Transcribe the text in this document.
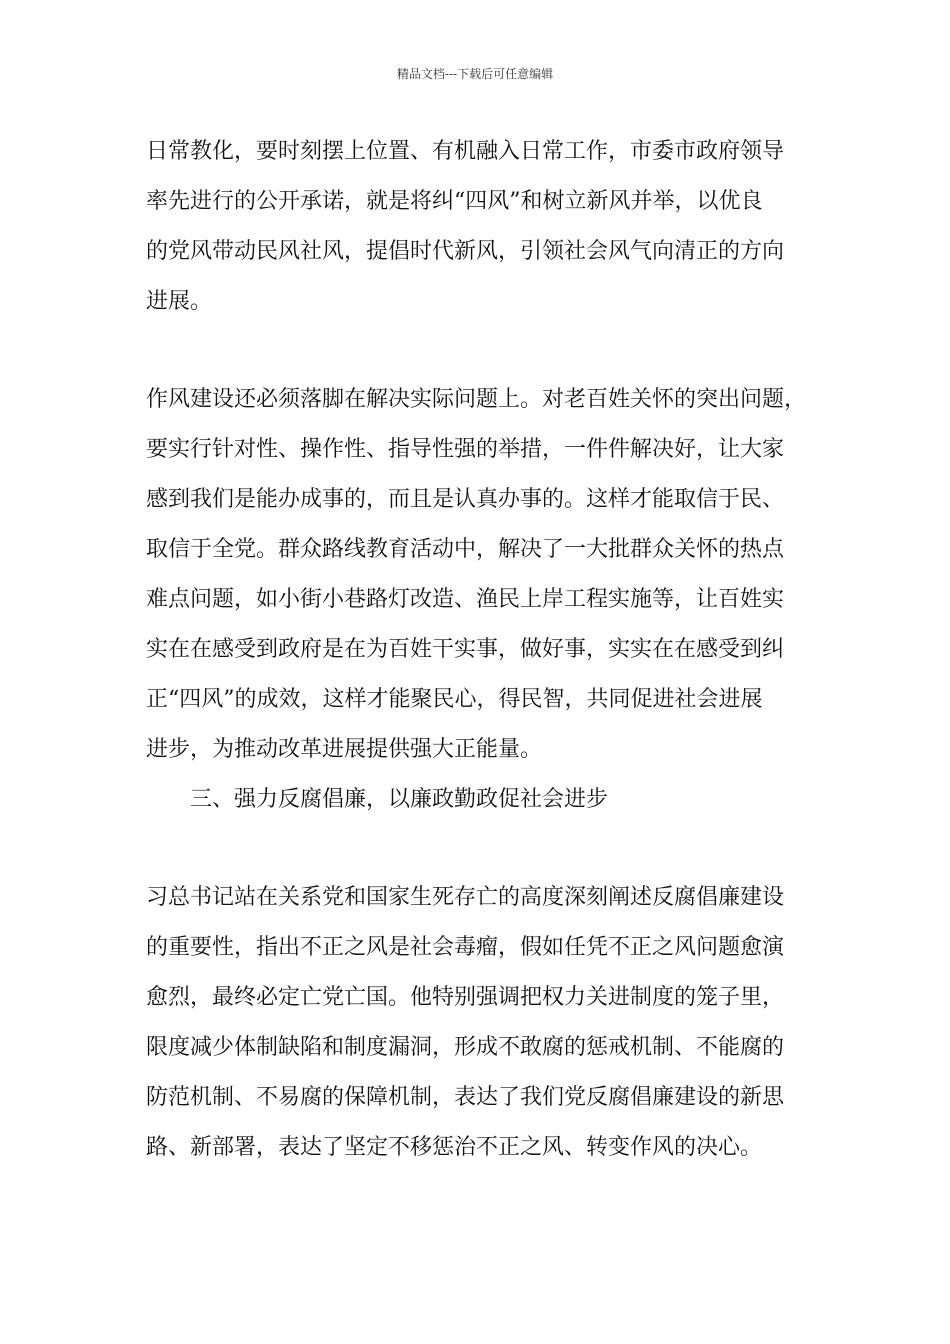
精品文档---下载后可任意编辑
日常教化，要时刻摆上位置、有机融入日常工作，市委市政府领导
率先进行的公开承诺，就是将纠“四风”和树立新风并举，以优良
的党风带动民风社风，提倡时代新风，引领社会风气向清正的方向
进展。
作风建设还必须落脚在解决实际问题上。对老百姓关怀的突出问题，
要实行针对性、操作性、指导性强的举措，一件件解决好，让大家
感到我们是能办成事的，而且是认真办事的。这样才能取信于民、
取信于全党。群众路线教育活动中，解决了一大批群众关怀的热点
难点问题，如小街小巷路灯改造、渔民上岸工程实施等，让百姓实
实在在感受到政府是在为百姓干实事，做好事，实实在在感受到纠
正“四风”的成效，这样才能聚民心，得民智，共同促进社会进展
进步，为推动改革进展提供强大正能量。
三、强力反腐倡廉，以廉政勤政促社会进步
习总书记站在关系党和国家生死存亡的高度深刻阐述反腐倡廉建设
的重要性，指出不正之风是社会毒瘤，假如任凭不正之风问题愈演
愈烈，最终必定亡党亡国。他特别强调把权力关进制度的笼子里，
限度减少体制缺陷和制度漏洞，形成不敢腐的惩戒机制、不能腐的
防范机制、不易腐的保障机制，表达了我们党反腐倡廉建设的新思
路、新部署，表达了坚定不移惩治不正之风、转变作风的决心。
